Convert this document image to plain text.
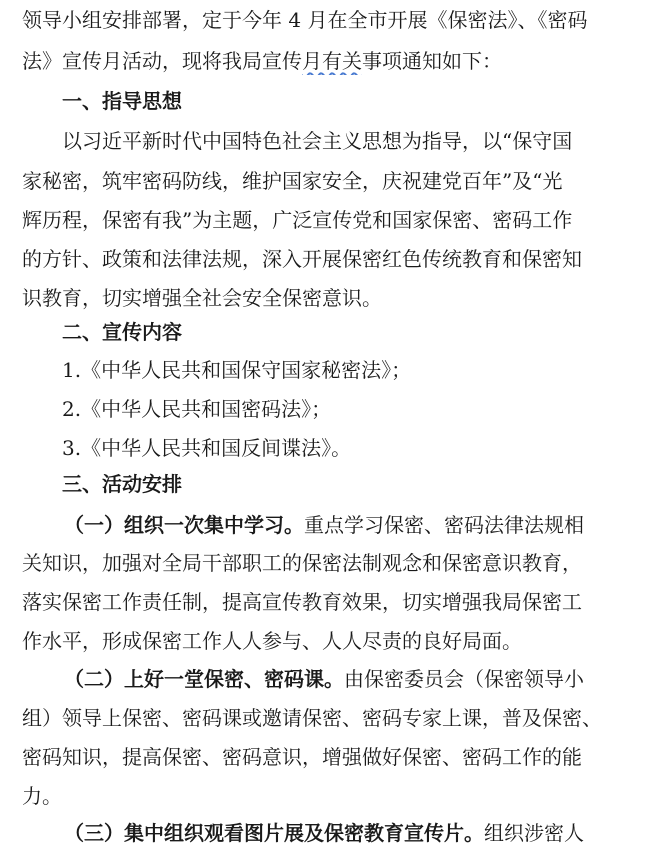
领导小组安排部署，定于今年 4 月在全市开展《保密法》、《密码
法》宣传月活动，现将我局宣传月有关事项通知如下：
一、指导思想
以习近平新时代中国特色社会主义思想为指导，以“保守国
家秘密，筑牢密码防线，维护国家安全，庆祝建党百年”及“光
辉历程，保密有我”为主题，广泛宣传党和国家保密、密码工作
的方针、政策和法律法规，深入开展保密红色传统教育和保密知
识教育，切实增强全社会安全保密意识。
二、宣传内容
1.《中华人民共和国保守国家秘密法》；
2.《中华人民共和国密码法》；
3.《中华人民共和国反间谍法》。
三、活动安排
（一）组织一次集中学习。重点学习保密、密码法律法规相
关知识，加强对全局干部职工的保密法制观念和保密意识教育，
落实保密工作责任制，提高宣传教育效果，切实增强我局保密工
作水平，形成保密工作人人参与、人人尽责的良好局面。
（二）上好一堂保密、密码课。由保密委员会（保密领导小
组）领导上保密、密码课或邀请保密、密码专家上课，普及保密、
密码知识，提高保密、密码意识，增强做好保密、密码工作的能
力。
（三）集中组织观看图片展及保密教育宣传片。组织涉密人
